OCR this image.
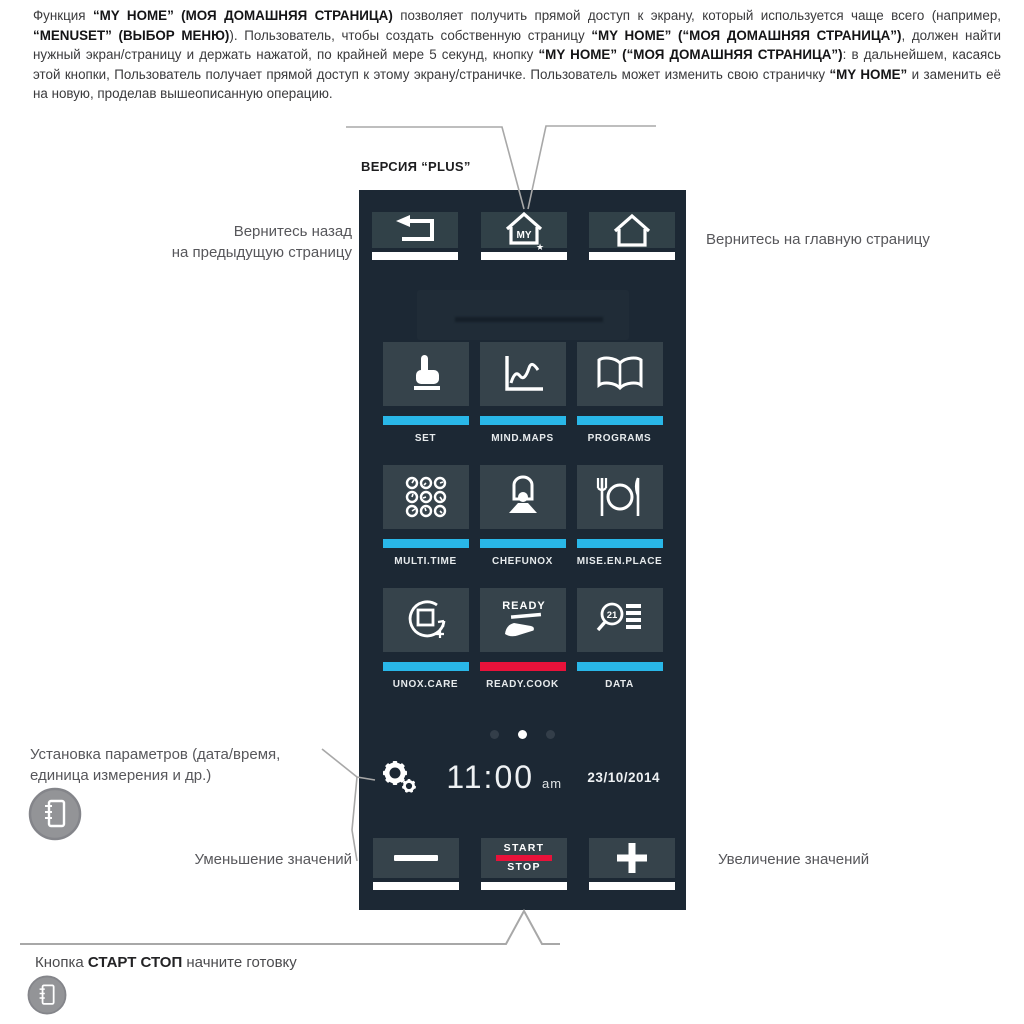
Функция “MY HOME” (МОЯ ДОМАШНЯЯ СТРАНИЦА) позволяет получить прямой доступ к экрану, который используется чаще всего (например, “MENUSET” (ВЫБОР МЕНЮ)). Пользователь, чтобы создать собственную страницу “MY HOME” (“МОЯ ДОМАШНЯЯ СТРАНИЦА”), должен найти нужный экран/страницу и держать нажатой, по крайней мере 5 секунд, кнопку “MY HOME” (“МОЯ ДОМАШНЯЯ СТРАНИЦА”): в дальнейшем, касаясь этой кнопки, Пользователь получает прямой доступ к этому экрану/страничке. Пользователь может изменить свою страничку “MY HOME” и заменить её на новую, проделав вышеописанную операцию.

ВЕРСИЯ “PLUS”
MY
★
SET	MIND.MAPS	PROGRAMS
MULTI.TIME	CHEFUNOX	MISE.EN.PLACE
UNOX.CARE
READY
READY.COOK
21
DATA
11:00 am 23/10/2014
START
STOP
Вернитесь назад
на предыдущую страницу
Вернитесь на главную страницу
Установка параметров (дата/время,
единица измерения и др.)
Уменьшение значений	Увеличение значений
Кнопка СТАРТ СТОП начните готовку
